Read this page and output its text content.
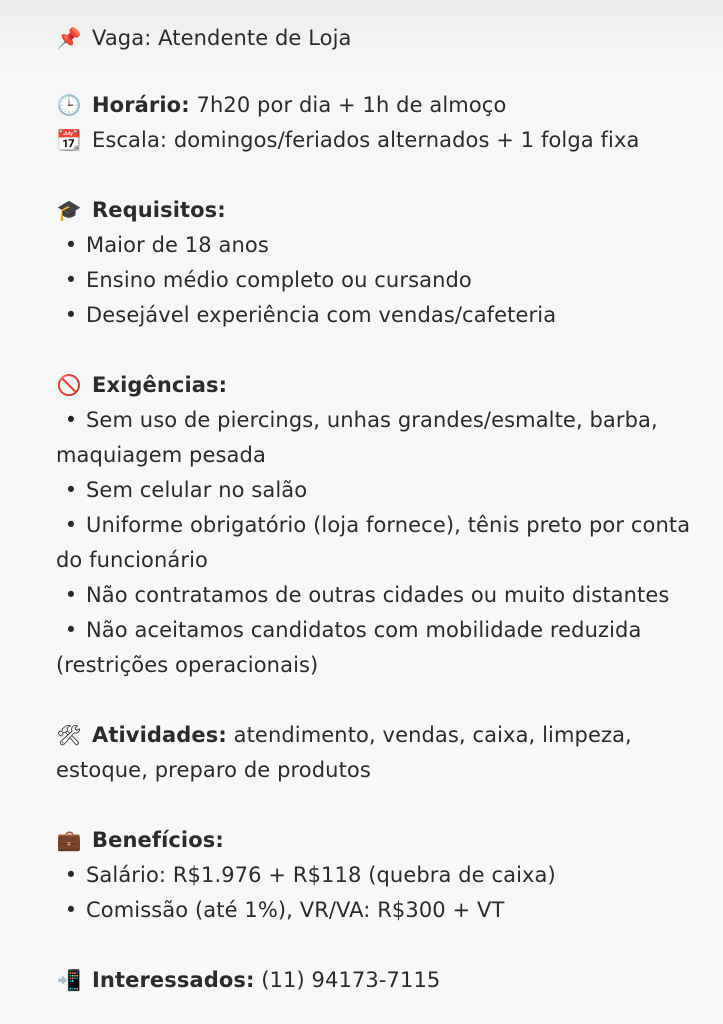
📌 Vaga: Atendente de Loja
🕒 Horário: 7h20 por dia + 1h de almoço
📆 Escala: domingos/feriados alternados + 1 folga fixa
🎓 Requisitos:
• Maior de 18 anos
• Ensino médio completo ou cursando
• Desejável experiência com vendas/cafeteria
🚫 Exigências:
• Sem uso de piercings, unhas grandes/esmalte, barba, maquiagem pesada
• Sem celular no salão
• Uniforme obrigatório (loja fornece), tênis preto por conta do funcionário
• Não contratamos de outras cidades ou muito distantes
• Não aceitamos candidatos com mobilidade reduzida (restrições operacionais)
🛠 Atividades: atendimento, vendas, caixa, limpeza, estoque, preparo de produtos
💼 Benefícios:
• Salário: R$1.976 + R$118 (quebra de caixa)
• Comissão (até 1%), VR/VA: R$300 + VT
📲 Interessados: (11) 94173-7115
